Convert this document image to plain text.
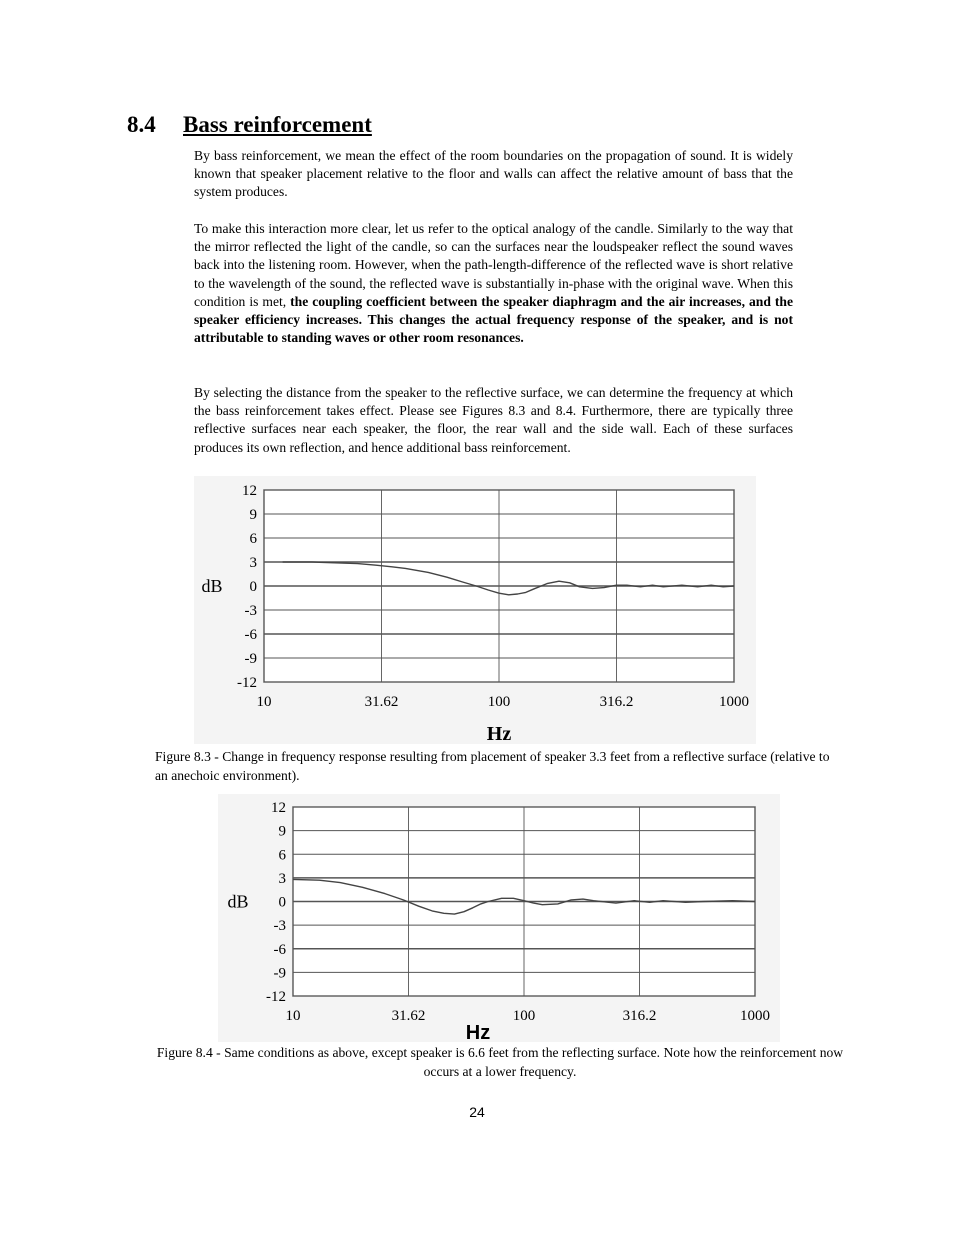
8.4 Bass reinforcement

By bass reinforcement, we mean the effect of the room boundaries on the propagation of sound. It is widely known that speaker placement relative to the floor and walls can affect the relative amount of bass that the system produces.

To make this interaction more clear, let us refer to the optical analogy of the candle. Similarly to the way that the mirror reflected the light of the candle, so can the surfaces near the loudspeaker reflect the sound waves back into the listening room. However, when the path-length-difference of the reflected wave is short relative to the wavelength of the sound, the reflected wave is substantially in-phase with the original wave. When this condition is met, the coupling coefficient between the speaker diaphragm and the air increases, and the speaker efficiency increases. This changes the actual frequency response of the speaker, and is not attributable to standing waves or other room resonances.

By selecting the distance from the speaker to the reflective surface, we can determine the frequency at which the bass reinforcement takes effect. Please see Figures 8.3 and 8.4. Furthermore, there are typically three reflective surfaces near each speaker, the floor, the rear wall and the side wall. Each of these surfaces produces its own reflection, and hence additional bass reinforcement.

12
9
6
3
0
-3
-6
-9
-12
10	31.62	100	316.2	1000
dB
Hz

Figure 8.3 - Change in frequency response resulting from placement of speaker 3.3 feet from a reflective surface (relative to an anechoic environment).

12
9
6
3
0
-3
-6
-9
-12
10	31.62	100	316.2	1000
dB
Hz

Figure 8.4 - Same conditions as above, except speaker is 6.6 feet from the reflecting surface. Note how the reinforcement now occurs at a lower frequency.

24
